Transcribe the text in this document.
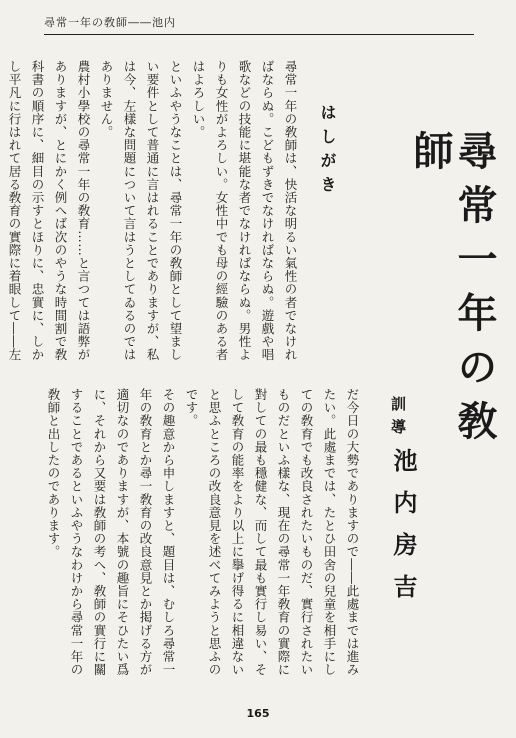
尋常一年の敎師――池内
尋常一年の敎師
訓導
池内房吉
はしがき

尋常一年の敎師は、快活な明るい氣性の者でなければならぬ。こどもずきでなければならぬ。遊戲や唱歌などの技能に堪能な者でなければならぬ。男性よりも女性がよろしい。女性中でも母の經驗のある者はよろしい。

といふやうなことは、尋常一年の敎師として望ましい要件として普通に言はれることでありますが、私は今、左樣な問題について言はうとしてゐるのではありません。

農村小學校の尋常一年の敎育……と言つては語弊がありますが、とにかく例へば次のやうな時間割で敎科書の順序に、細目の示すとほりに、忠實に、しかし平凡に行はれて居る敎育の實際に着眼して――左

だ今日の大勢でありますので――此處までは進みたい。此處までは、たとひ田舍の兒童を相手にしての敎育でも改良されたいものだ、實行されたいものだといふ樣な、現在の尋常一年敎育の實際に對しての最も穩健な、而して最も實行し易い、そして敎育の能率をより以上に擧げ得るに相違ないと思ふところの改良意見を述べてみようと思ふのです。

その趣意から申しますと、題目は、むしろ尋常一年の敎育とか尋一敎育の改良意見とか掲げる方が適切なのでありますが、本號の趣旨にそひたい爲に、それから又要は敎師の考へ、敎師の實行に關することであるといふやうなわけから尋常一年の敎師と出したのであります。

165
